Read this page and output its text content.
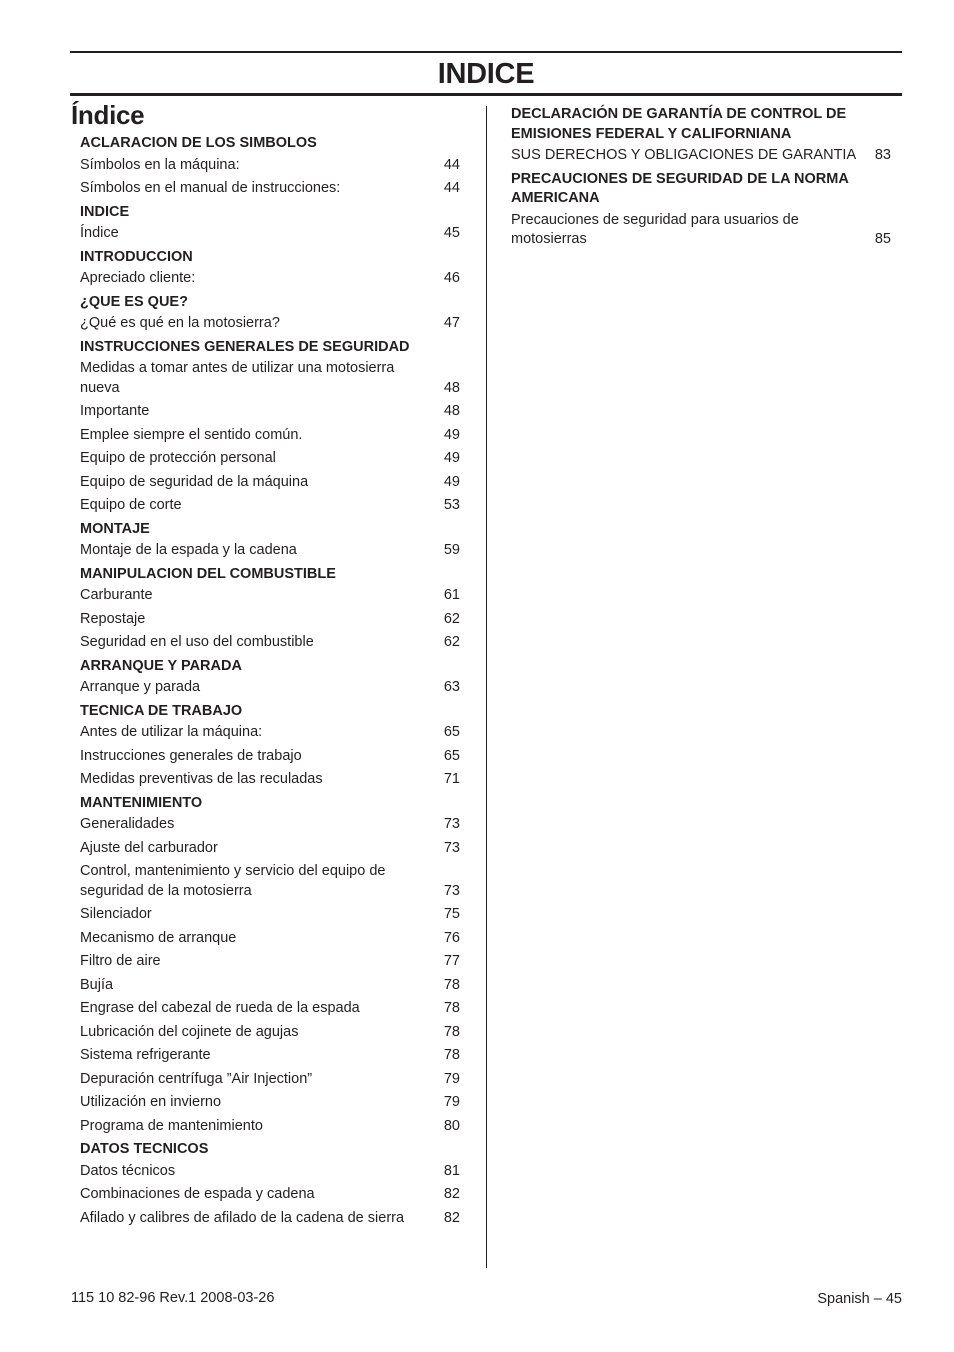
INDICE
Índice
ACLARACION DE LOS SIMBOLOS
Símbolos en la máquina:	44
Símbolos en el manual de instrucciones:	44
INDICE
Índice	45
INTRODUCCION
Apreciado cliente:	46
¿QUE ES QUE?
¿Qué es qué en la motosierra?	47
INSTRUCCIONES GENERALES DE SEGURIDAD
Medidas a tomar antes de utilizar una motosierra nueva	48
Importante	48
Emplee siempre el sentido común.	49
Equipo de protección personal	49
Equipo de seguridad de la máquina	49
Equipo de corte	53
MONTAJE
Montaje de la espada y la cadena	59
MANIPULACION DEL COMBUSTIBLE
Carburante	61
Repostaje	62
Seguridad en el uso del combustible	62
ARRANQUE Y PARADA
Arranque y parada	63
TECNICA DE TRABAJO
Antes de utilizar la máquina:	65
Instrucciones generales de trabajo	65
Medidas preventivas de las reculadas	71
MANTENIMIENTO
Generalidades	73
Ajuste del carburador	73
Control, mantenimiento y servicio del equipo de seguridad de la motosierra	73
Silenciador	75
Mecanismo de arranque	76
Filtro de aire	77
Bujía	78
Engrase del cabezal de rueda de la espada	78
Lubricación del cojinete de agujas	78
Sistema refrigerante	78
Depuración centrífuga ”Air Injection”	79
Utilización en invierno	79
Programa de mantenimiento	80
DATOS TECNICOS
Datos técnicos	81
Combinaciones de espada y cadena	82
Afilado y calibres de afilado de la cadena de sierra	82
DECLARACIÓN DE GARANTÍA DE CONTROL DE EMISIONES FEDERAL Y CALIFORNIANA
SUS DERECHOS Y OBLIGACIONES DE GARANTIA	83
PRECAUCIONES DE SEGURIDAD DE LA NORMA AMERICANA
Precauciones de seguridad para usuarios de motosierras	85
115 10 82-96 Rev.1 2008-03-26	Spanish – 45
